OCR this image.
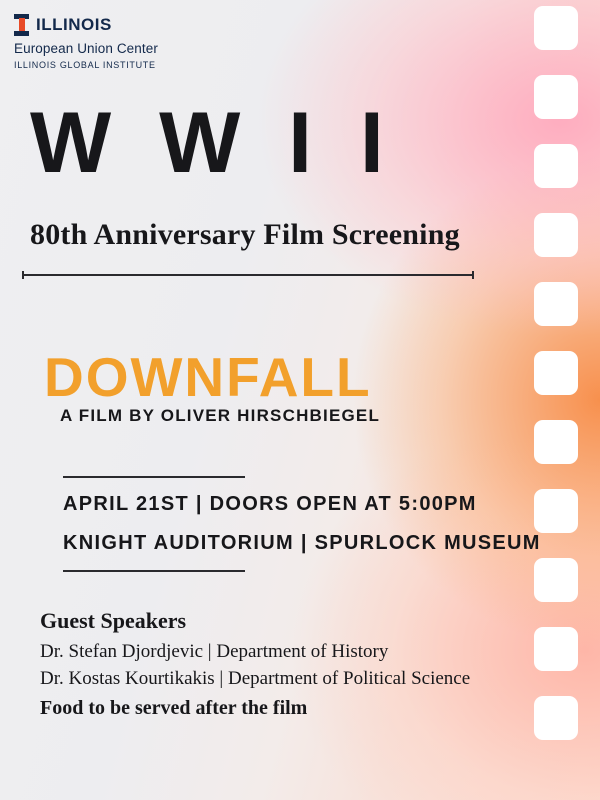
ILLINOIS
European Union Center
ILLINOIS GLOBAL INSTITUTE
W W I I
80th Anniversary Film Screening
DOWNFALL
A FILM BY OLIVER HIRSCHBIEGEL
APRIL 21ST | DOORS OPEN AT 5:00PM
KNIGHT AUDITORIUM | SPURLOCK MUSEUM
Guest Speakers
Dr. Stefan Djordjevic | Department of History
Dr. Kostas Kourtikakis | Department of Political Science
Food to be served after the film
